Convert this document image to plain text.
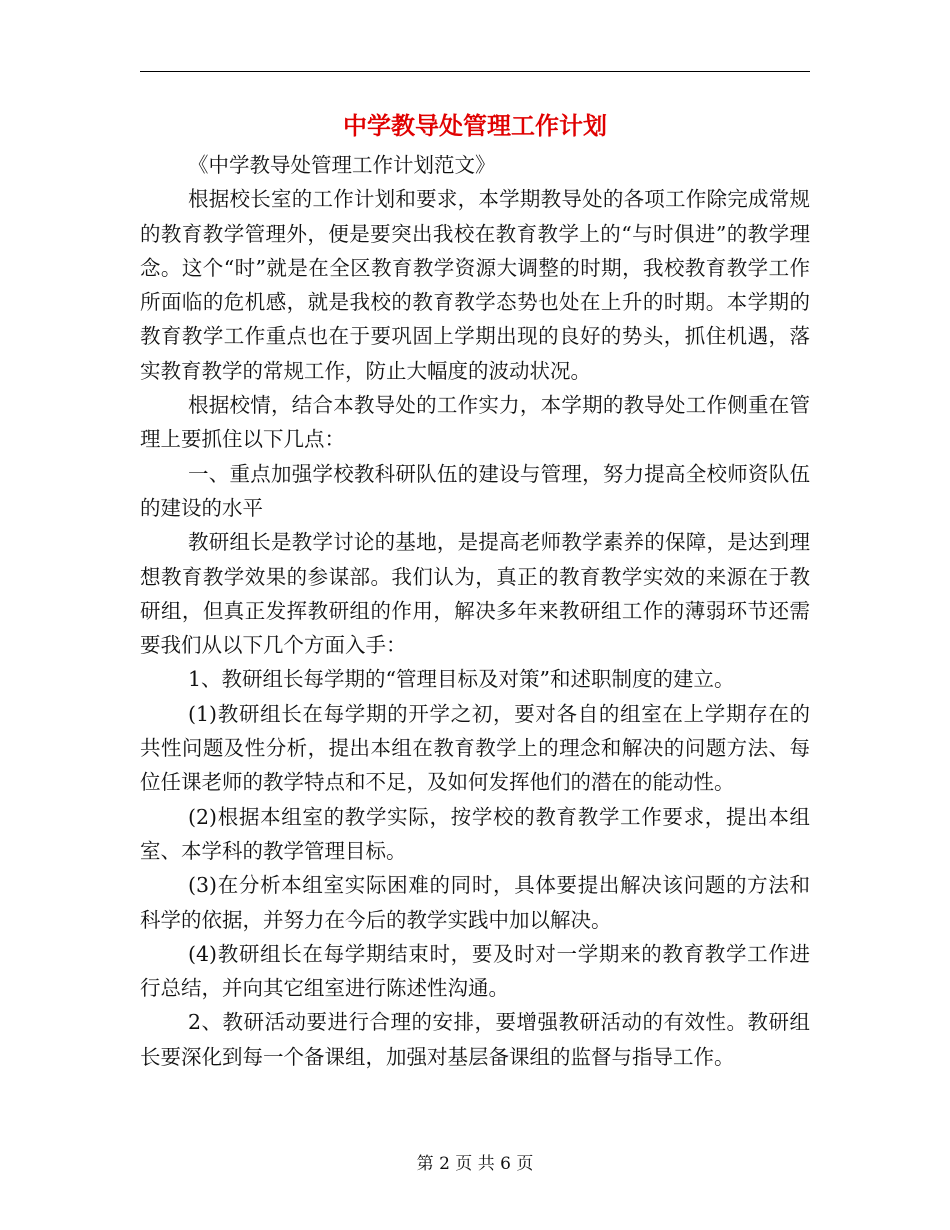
中学教导处管理工作计划

《中学教导处管理工作计划范文》

根据校长室的工作计划和要求，本学期教导处的各项工作除完成常规的教育教学管理外，便是要突出我校在教育教学上的“与时俱进”的教学理念。这个“时”就是在全区教育教学资源大调整的时期，我校教育教学工作所面临的危机感，就是我校的教育教学态势也处在上升的时期。本学期的教育教学工作重点也在于要巩固上学期出现的良好的势头，抓住机遇，落实教育教学的常规工作，防止大幅度的波动状况。

根据校情，结合本教导处的工作实力，本学期的教导处工作侧重在管理上要抓住以下几点：

一、重点加强学校教科研队伍的建设与管理，努力提高全校师资队伍的建设的水平

教研组长是教学讨论的基地，是提高老师教学素养的保障，是达到理想教育教学效果的参谋部。我们认为，真正的教育教学实效的来源在于教研组，但真正发挥教研组的作用，解决多年来教研组工作的薄弱环节还需要我们从以下几个方面入手：

1、教研组长每学期的“管理目标及对策”和述职制度的建立。

(1)教研组长在每学期的开学之初，要对各自的组室在上学期存在的共性问题及性分析，提出本组在教育教学上的理念和解决的问题方法、每位任课老师的教学特点和不足，及如何发挥他们的潜在的能动性。

(2)根据本组室的教学实际，按学校的教育教学工作要求，提出本组室、本学科的教学管理目标。

(3)在分析本组室实际困难的同时，具体要提出解决该问题的方法和科学的依据，并努力在今后的教学实践中加以解决。

(4)教研组长在每学期结束时，要及时对一学期来的教育教学工作进行总结，并向其它组室进行陈述性沟通。

2、教研活动要进行合理的安排，要增强教研活动的有效性。教研组长要深化到每一个备课组，加强对基层备课组的监督与指导工作。

第 2 页 共 6 页
